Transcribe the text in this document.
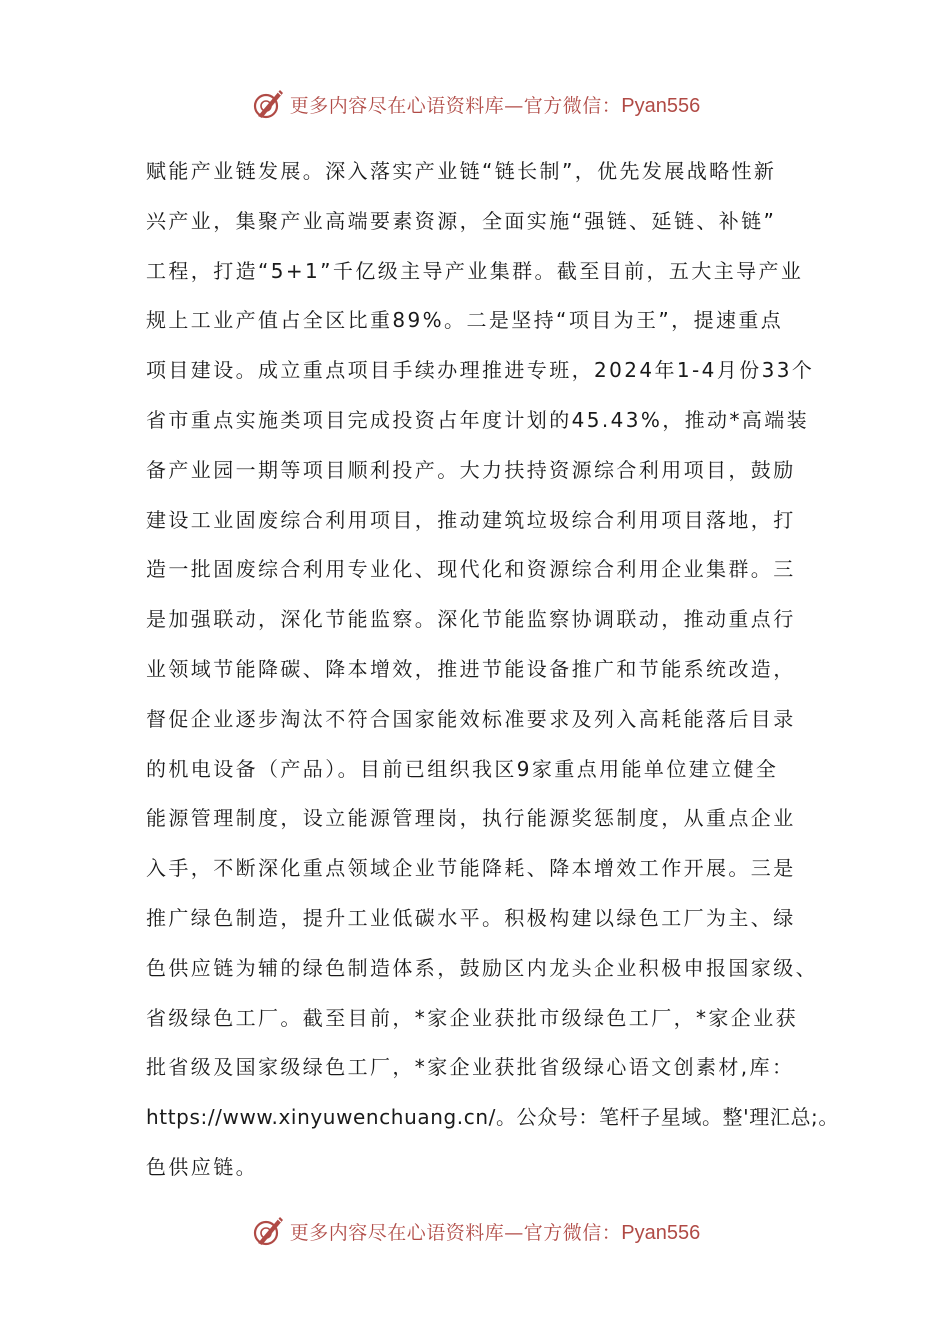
更多内容尽在心语资料库—官方微信：Pyan556
赋能产业链发展。深入落实产业链“链长制”，优先发展战略性新
兴产业，集聚产业高端要素资源，全面实施“强链、延链、补链”
工程，打造“5+1”千亿级主导产业集群。截至目前，五大主导产业
规上工业产值占全区比重89%。二是坚持“项目为王”，提速重点
项目建设。成立重点项目手续办理推进专班，2024年1-4月份33个
省市重点实施类项目完成投资占年度计划的45.43%，推动*高端装
备产业园一期等项目顺利投产。大力扶持资源综合利用项目，鼓励
建设工业固废综合利用项目，推动建筑垃圾综合利用项目落地，打
造一批固废综合利用专业化、现代化和资源综合利用企业集群。三
是加强联动，深化节能监察。深化节能监察协调联动，推动重点行
业领域节能降碳、降本增效，推进节能设备推广和节能系统改造，
督促企业逐步淘汰不符合国家能效标准要求及列入高耗能落后目录
的机电设备（产品）。目前已组织我区9家重点用能单位建立健全
能源管理制度，设立能源管理岗，执行能源奖惩制度，从重点企业
入手，不断深化重点领域企业节能降耗、降本增效工作开展。三是
推广绿色制造，提升工业低碳水平。积极构建以绿色工厂为主、绿
色供应链为辅的绿色制造体系，鼓励区内龙头企业积极申报国家级、
省级绿色工厂。截至目前，*家企业获批市级绿色工厂，*家企业获
批省级及国家级绿色工厂，*家企业获批省级绿心语文创素材,库：
https://www.xinyuwenchuang.cn/。公众号：笔杆子星域。整'理汇总;。
色供应链。
更多内容尽在心语资料库—官方微信：Pyan556
